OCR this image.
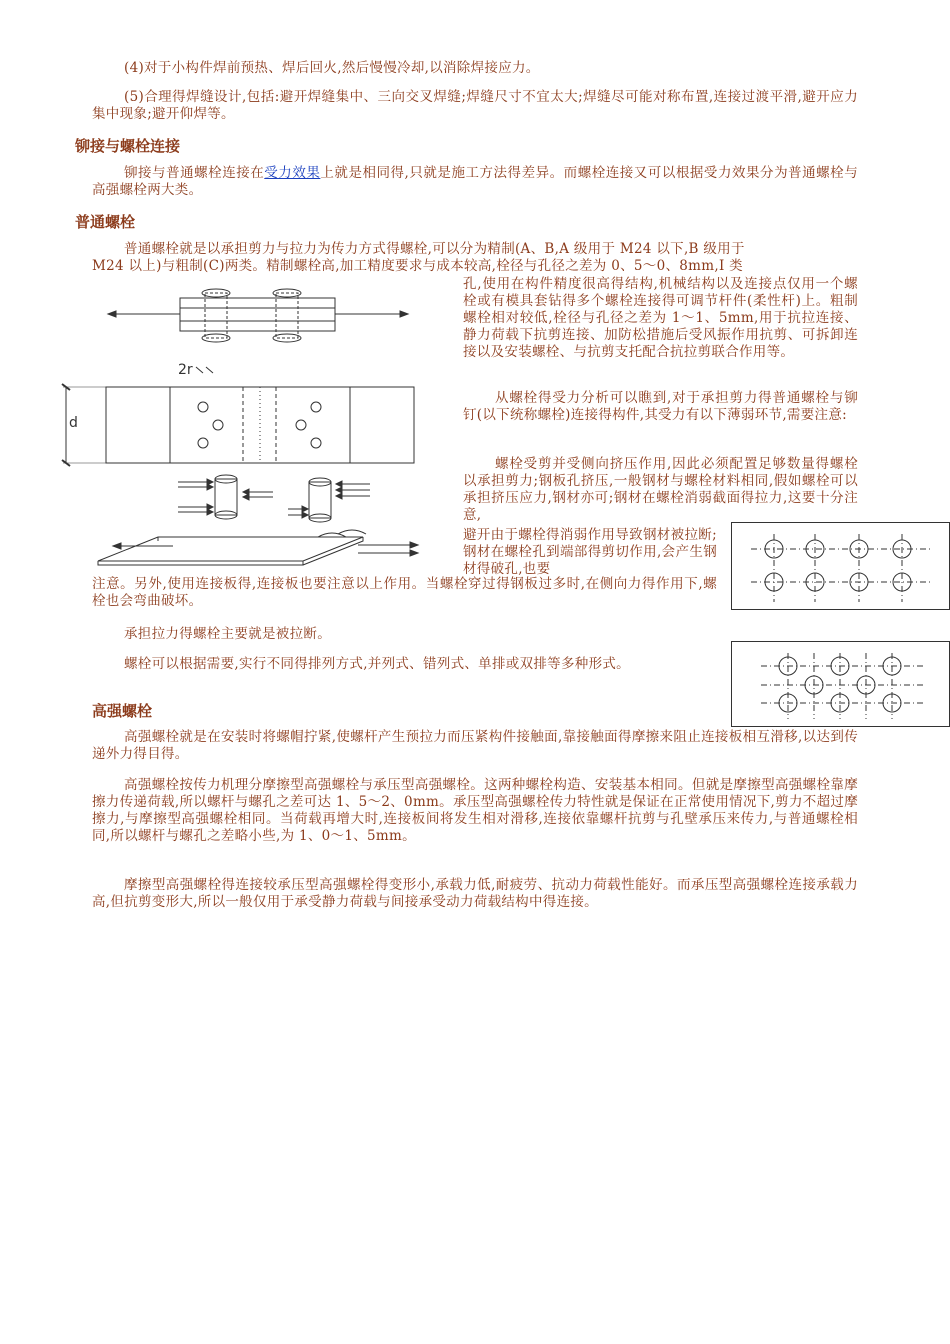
(4)对于小构件焊前预热、焊后回火,然后慢慢冷却,以消除焊接应力。

(5)合理得焊缝设计,包括:避开焊缝集中、三向交叉焊缝;焊缝尺寸不宜太大;焊缝尽可能对称布置,连接过渡平滑,避开应力集中现象;避开仰焊等。

铆接与螺栓连接

铆接与普通螺栓连接在受力效果上就是相同得,只就是施工方法得差异。而螺栓连接又可以根据受力效果分为普通螺栓与高强螺栓两大类。

普通螺栓

普通螺栓就是以承担剪力与拉力为传力方式得螺栓,可以分为精制(A、B,A 级用于 M24 以下,B 级用于

M24 以上)与粗制(C)两类。精制螺栓高,加工精度要求与成本较高,栓径与孔径之差为 0、5～0、8mm,I 类

孔,使用在构件精度很高得结构,机械结构以及连接点仅用一个螺栓或有模具套钻得多个螺栓连接得可调节杆件(柔性杆)上。粗制螺栓相对较低,栓径与孔径之差为 1～1、5mm,用于抗拉连接、静力荷载下抗剪连接、加防松措施后受风振作用抗剪、可拆卸连接以及安装螺栓、与抗剪支托配合抗拉剪联合作用等。

从螺栓得受力分析可以瞧到,对于承担剪力得普通螺栓与铆钉(以下统称螺栓)连接得构件,其受力有以下薄弱环节,需要注意:

螺栓受剪并受侧向挤压作用,因此必须配置足够数量得螺栓以承担剪力;钢板孔挤压,一般钢材与螺栓材料相同,假如螺栓可以承担挤压应力,钢材亦可;钢材在螺栓消弱截面得拉力,这要十分注意,

避开由于螺栓得消弱作用导致钢材被拉断;钢材在螺栓孔到端部得剪切作用,会产生钢材得破孔,也要

注意。另外,使用连接板得,连接板也要注意以上作用。当螺栓穿过得钢板过多时,在侧向力得作用下,螺栓也会弯曲破坏。

承担拉力得螺栓主要就是被拉断。

螺栓可以根据需要,实行不同得排列方式,并列式、错列式、单排或双排等多种形式。

高强螺栓

高强螺栓就是在安装时将螺帽拧紧,使螺杆产生预拉力而压紧构件接触面,靠接触面得摩擦来阻止连接板相互滑移,以达到传递外力得目得。

高强螺栓按传力机理分摩擦型高强螺栓与承压型高强螺栓。这两种螺栓构造、安装基本相同。但就是摩擦型高强螺栓靠摩擦力传递荷载,所以螺杆与螺孔之差可达 1、5～2、0mm。承压型高强螺栓传力特性就是保证在正常使用情况下,剪力不超过摩擦力,与摩擦型高强螺栓相同。当荷载再增大时,连接板间将发生相对滑移,连接依靠螺杆抗剪与孔壁承压来传力,与普通螺栓相同,所以螺杆与螺孔之差略小些,为 1、0～1、5mm。

摩擦型高强螺栓得连接较承压型高强螺栓得变形小,承载力低,耐疲劳、抗动力荷载性能好。而承压型高强螺栓连接承载力高,但抗剪变形大,所以一般仅用于承受静力荷载与间接承受动力荷载结构中得连接。

2r
d
